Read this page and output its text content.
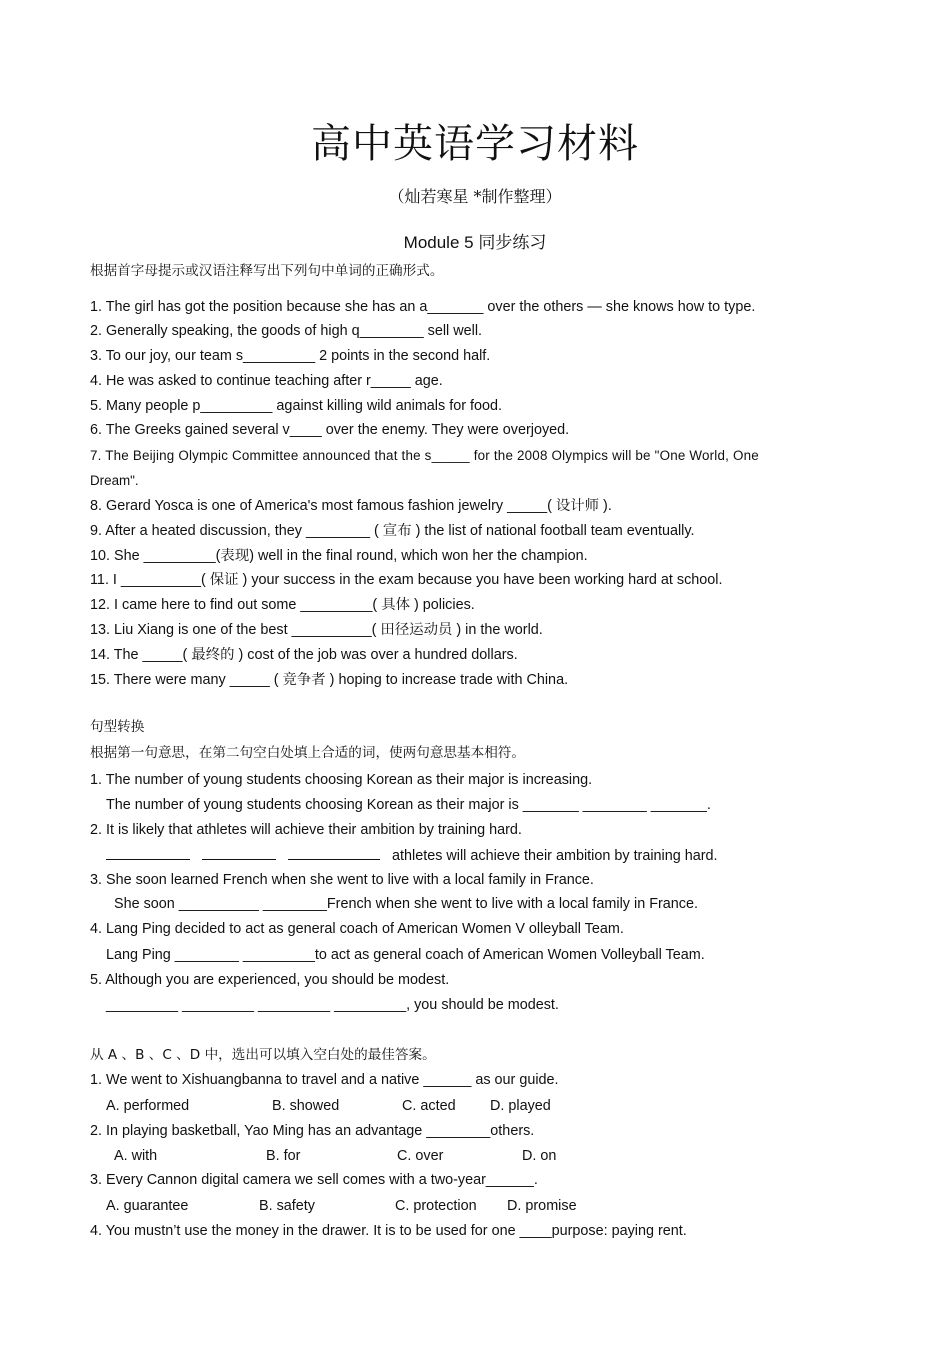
高中英语学习材料
（灿若寒星 *制作整理）
Module 5 同步练习
根据首字母提示或汉语注释写出下列句中单词的正确形式。
1. The girl has got the position because she has an a_______ over the others — she knows how to type.
2. Generally speaking, the goods of high q________ sell well.
3. To our joy, our team s_________ 2 points in the second half.
4. He was asked to continue teaching after r_____ age.
5. Many people p_________ against killing wild animals for food.
6. The Greeks gained several v____ over the enemy. They were overjoyed.
7. The Beijing Olympic Committee announced that the s_____ for the 2008 Olympics will be "One World, One
Dream".
8. Gerard Yosca is one of America's most famous fashion jewelry _____( 设计师 ).
9. After a heated discussion, they ________ ( 宣布 ) the list of national football team eventually.
10. She _________(表现) well in the final round, which won her the champion.
11. I __________( 保证 ) your success in the exam because you have been working hard at school.
12. I came here to find out some _________( 具体 ) policies.
13. Liu Xiang is one of the best __________( 田径运动员 ) in the world.
14. The _____( 最终的 ) cost of the job was over a hundred dollars.
15. There were many _____ ( 竞争者 ) hoping to increase trade with China.
句型转换
根据第一句意思，在第二句空白处填上合适的词，使两句意思基本相符。
1. The number of young students choosing Korean as their major is increasing.
The number of young students choosing Korean as their major is _______ ________ _______.
2. It is likely that athletes will achieve their ambition by training hard.
athletes will achieve their ambition by training hard.
3. She soon learned French when she went to live with a local family in France.
She soon __________ ________French when she went to live with a local family in France.
4. Lang Ping decided to act as general coach of American Women V olleyball Team.
Lang Ping ________ _________to act as general coach of American Women Volleyball Team.
5. Although you are experienced, you should be modest.
_________ _________ _________ _________, you should be modest.
从 A 、B 、C 、D 中，选出可以填入空白处的最佳答案。
1. We went to Xishuangbanna to travel and a native ______ as our guide.
A. performed	B. showed	C. acted D. played
2. In playing basketball, Yao Ming has an advantage ________others.
A. with	B. for	C. over	D. on
3. Every Cannon digital camera we sell comes with a two-year______.
A. guarantee	B. safety	C. protection D. promise
4. You mustn’t use the money in the drawer. It is to be used for one ____purpose: paying rent.
